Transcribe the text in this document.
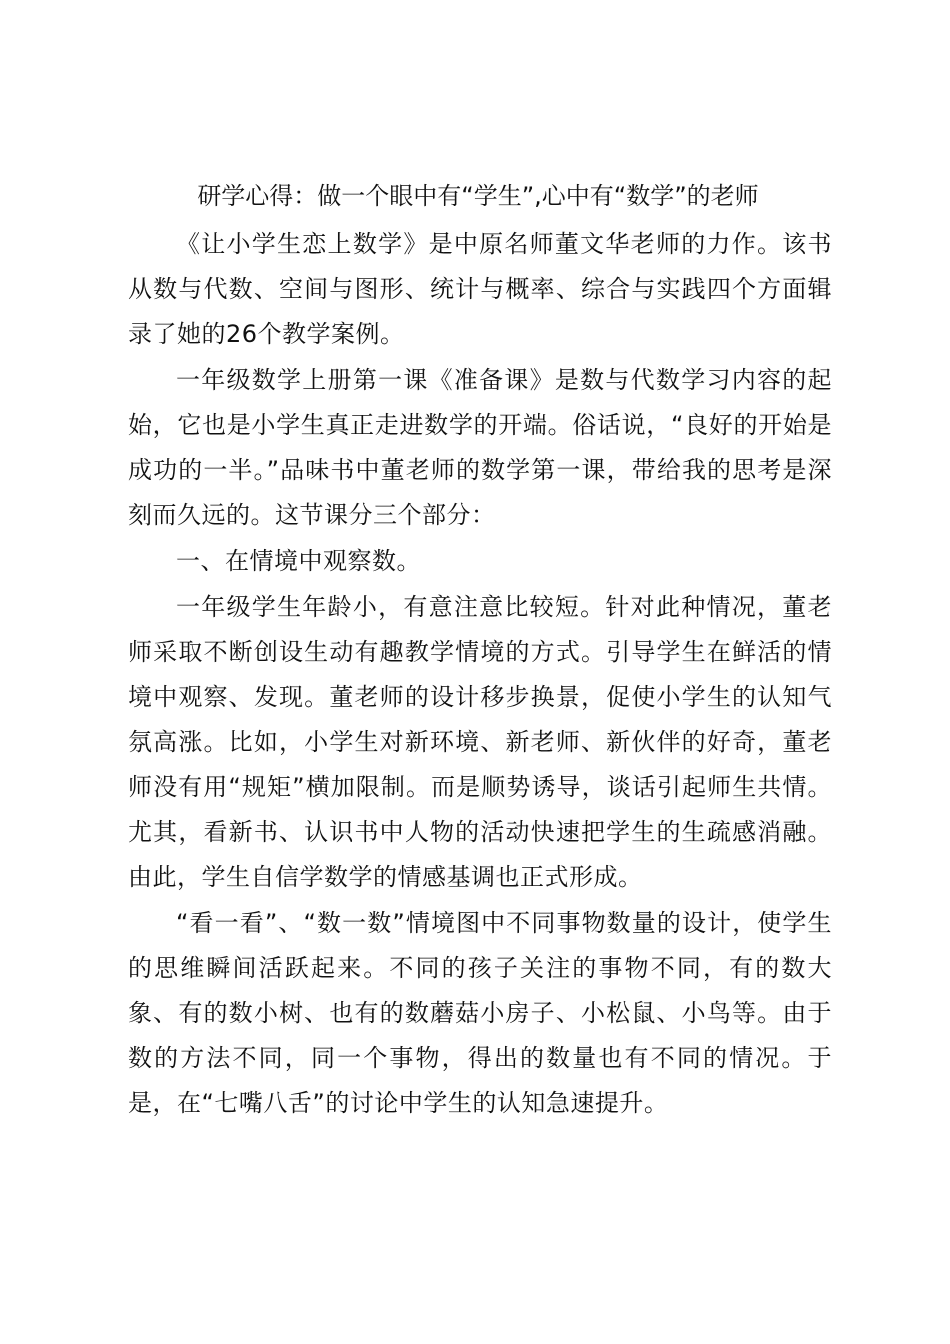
研学心得：做一个眼中有“学生”,心中有“数学”的老师

《让小学生恋上数学》是中原名师董文华老师的力作。该书从数与代数、空间与图形、统计与概率、综合与实践四个方面辑录了她的26个教学案例。

一年级数学上册第一课《准备课》是数与代数学习内容的起始，它也是小学生真正走进数学的开端。俗话说，“良好的开始是成功的一半。”品味书中董老师的数学第一课，带给我的思考是深刻而久远的。这节课分三个部分：

一、在情境中观察数。

一年级学生年龄小，有意注意比较短。针对此种情况，董老师采取不断创设生动有趣教学情境的方式。引导学生在鲜活的情境中观察、发现。董老师的设计移步换景，促使小学生的认知气氛高涨。比如，小学生对新环境、新老师、新伙伴的好奇，董老师没有用“规矩”横加限制。而是顺势诱导，谈话引起师生共情。尤其，看新书、认识书中人物的活动快速把学生的生疏感消融。由此，学生自信学数学的情感基调也正式形成。

“看一看”、“数一数”情境图中不同事物数量的设计，使学生的思维瞬间活跃起来。不同的孩子关注的事物不同，有的数大象、有的数小树、也有的数蘑菇小房子、小松鼠、小鸟等。由于数的方法不同，同一个事物，得出的数量也有不同的情况。于是，在“七嘴八舌”的讨论中学生的认知急速提升。
